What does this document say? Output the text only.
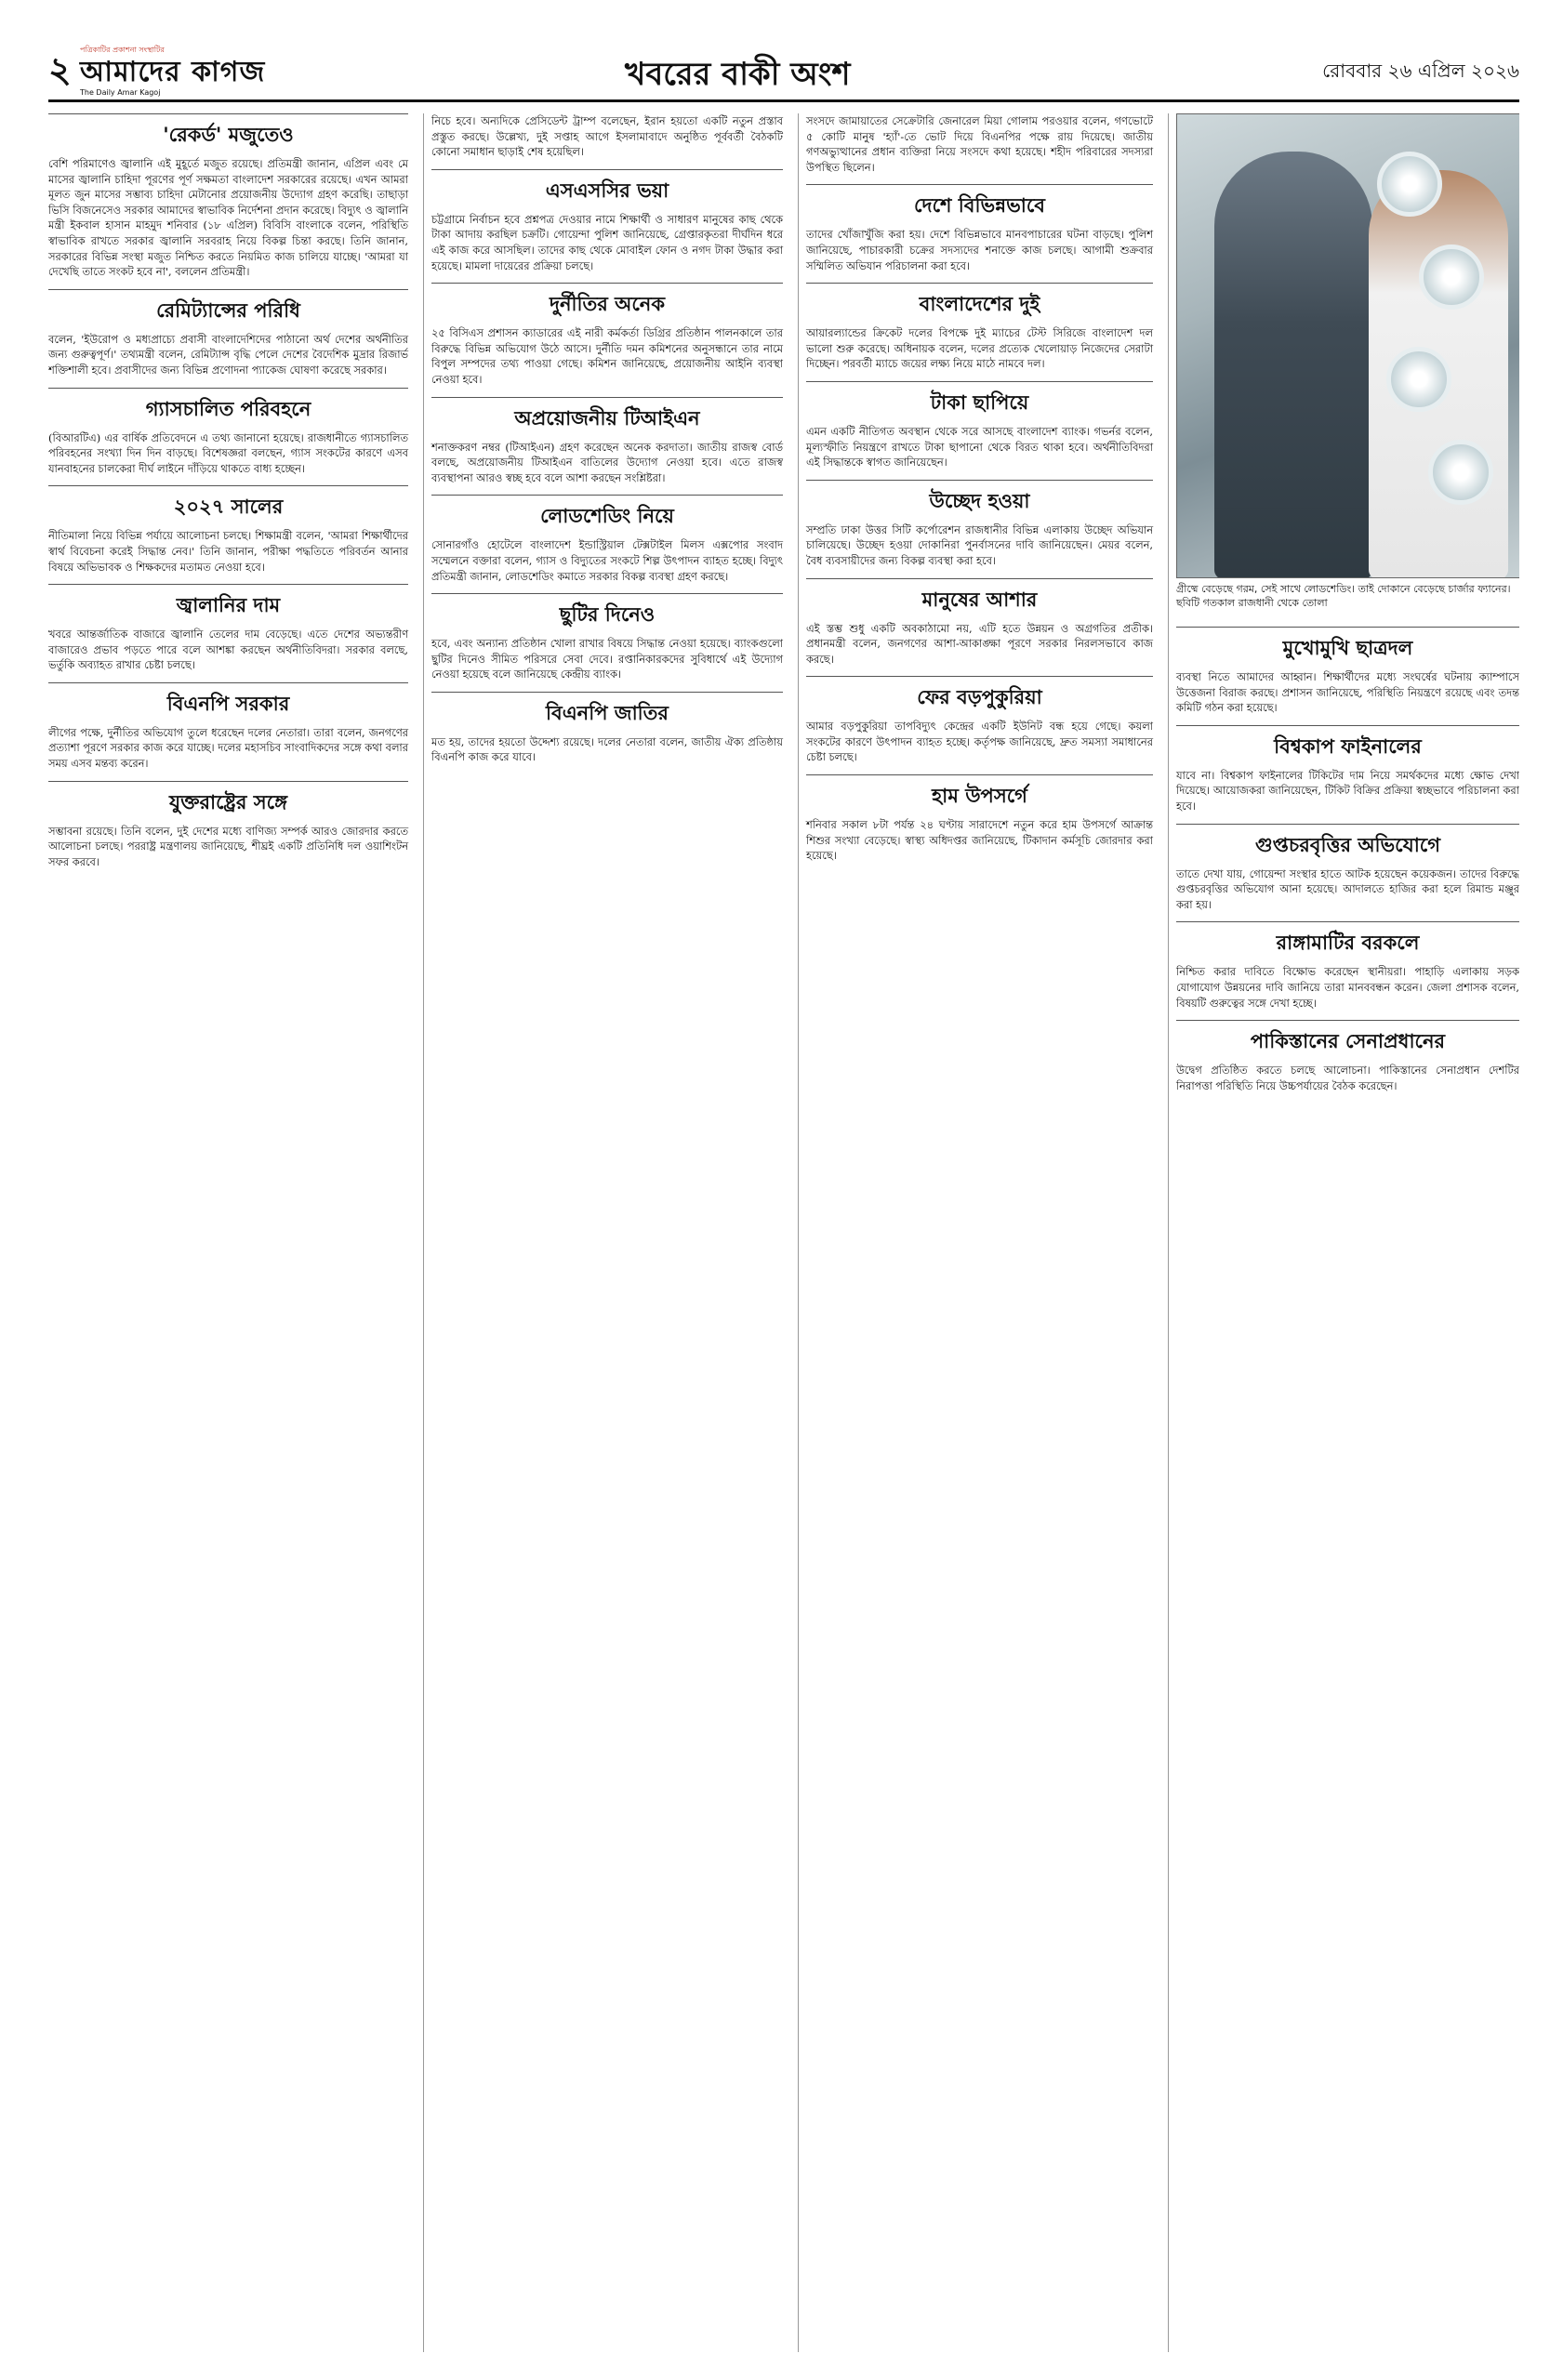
২ পত্রিকাটির প্রকাশনা সংস্থাটির
আমাদের কাগজ
The Daily Amar Kagoj	খবরের বাকী অংশ	রোববার ২৬ এপ্রিল ২০২৬
'রেকর্ড' মজুতেও
বেশি পরিমাণেও জ্বালানি এই মুহূর্তে মজুত রয়েছে। প্রতিমন্ত্রী জানান, এপ্রিল এবং মে মাসের জ্বালানি চাহিদা পূরণের পূর্ণ সক্ষমতা বাংলাদেশ সরকারের রয়েছে। এখন আমরা মূলত জুন মাসের সম্ভাব্য চাহিদা মেটানোর প্রয়োজনীয় উদ্যোগ গ্রহণ করেছি। তাছাড়া ভিসি বিজনেসেও সরকার আমাদের স্বাভাবিক নির্দেশনা প্রদান করেছে। বিদ্যুৎ ও জ্বালানি মন্ত্রী ইকবাল হাসান মাহমুদ শনিবার (১৮ এপ্রিল) বিবিসি বাংলাকে বলেন, পরিস্থিতি স্বাভাবিক রাখতে সরকার জ্বালানি সরবরাহ নিয়ে বিকল্প চিন্তা করছে। তিনি জানান, সরকারের বিভিন্ন সংস্থা মজুত নিশ্চিত করতে নিয়মিত কাজ চালিয়ে যাচ্ছে। 'আমরা যা দেখেছি তাতে সংকট হবে না', বললেন প্রতিমন্ত্রী।
রেমিট্যান্সের পরিধি
বলেন, 'ইউরোপ ও মধ্যপ্রাচ্যে প্রবাসী বাংলাদেশিদের পাঠানো অর্থ দেশের অর্থনীতির জন্য গুরুত্বপূর্ণ।' তথ্যমন্ত্রী বলেন, রেমিট্যান্স বৃদ্ধি পেলে দেশের বৈদেশিক মুদ্রার রিজার্ভ শক্তিশালী হবে। প্রবাসীদের জন্য বিভিন্ন প্রণোদনা প্যাকেজ ঘোষণা করেছে সরকার।
গ্যাসচালিত পরিবহনে
(বিআরটিএ) এর বার্ষিক প্রতিবেদনে এ তথ্য জানানো হয়েছে। রাজধানীতে গ্যাসচালিত পরিবহনের সংখ্যা দিন দিন বাড়ছে। বিশেষজ্ঞরা বলছেন, গ্যাস সংকটের কারণে এসব যানবাহনের চালকেরা দীর্ঘ লাইনে দাঁড়িয়ে থাকতে বাধ্য হচ্ছেন।
২০২৭ সালের
নীতিমালা নিয়ে বিভিন্ন পর্যায়ে আলোচনা চলছে। শিক্ষামন্ত্রী বলেন, 'আমরা শিক্ষার্থীদের স্বার্থ বিবেচনা করেই সিদ্ধান্ত নেব।' তিনি জানান, পরীক্ষা পদ্ধতিতে পরিবর্তন আনার বিষয়ে অভিভাবক ও শিক্ষকদের মতামত নেওয়া হবে।
জ্বালানির দাম
খবরে আন্তর্জাতিক বাজারে জ্বালানি তেলের দাম বেড়েছে। এতে দেশের অভ্যন্তরীণ বাজারেও প্রভাব পড়তে পারে বলে আশঙ্কা করছেন অর্থনীতিবিদরা। সরকার বলছে, ভর্তুকি অব্যাহত রাখার চেষ্টা চলছে।
বিএনপি সরকার
লীগের পক্ষে, দুর্নীতির অভিযোগ তুলে ধরেছেন দলের নেতারা। তারা বলেন, জনগণের প্রত্যাশা পূরণে সরকার কাজ করে যাচ্ছে। দলের মহাসচিব সাংবাদিকদের সঙ্গে কথা বলার সময় এসব মন্তব্য করেন।
যুক্তরাষ্ট্রের সঙ্গে
সম্ভাবনা রয়েছে। তিনি বলেন, দুই দেশের মধ্যে বাণিজ্য সম্পর্ক আরও জোরদার করতে আলোচনা চলছে। পররাষ্ট্র মন্ত্রণালয় জানিয়েছে, শীঘ্রই একটি প্রতিনিধি দল ওয়াশিংটন সফর করবে।
নিচে হবে। অন্যদিকে প্রেসিডেন্ট ট্রাম্প বলেছেন, ইরান হয়তো একটি নতুন প্রস্তাব প্রস্তুত করছে। উল্লেখ্য, দুই সপ্তাহ আগে ইসলামাবাদে অনুষ্ঠিত পূর্ববর্তী বৈঠকটি কোনো সমাধান ছাড়াই শেষ হয়েছিল।
এসএসসির ভয়া
চট্টগ্রামে নির্বাচন হবে প্রশ্নপত্র দেওয়ার নামে শিক্ষার্থী ও সাধারণ মানুষের কাছ থেকে টাকা আদায় করছিল চক্রটি। গোয়েন্দা পুলিশ জানিয়েছে, গ্রেপ্তারকৃতরা দীর্ঘদিন ধরে এই কাজ করে আসছিল। তাদের কাছ থেকে মোবাইল ফোন ও নগদ টাকা উদ্ধার করা হয়েছে। মামলা দায়েরের প্রক্রিয়া চলছে।
দুর্নীতির অনেক
২৫ বিসিএস প্রশাসন ক্যাডারের এই নারী কর্মকর্তা ডিগ্রির প্রতিষ্ঠান পালনকালে তার বিরুদ্ধে বিভিন্ন অভিযোগ উঠে আসে। দুর্নীতি দমন কমিশনের অনুসন্ধানে তার নামে বিপুল সম্পদের তথ্য পাওয়া গেছে। কমিশন জানিয়েছে, প্রয়োজনীয় আইনি ব্যবস্থা নেওয়া হবে।
অপ্রয়োজনীয় টিআইএন
শনাক্তকরণ নম্বর (টিআইএন) গ্রহণ করেছেন অনেক করদাতা। জাতীয় রাজস্ব বোর্ড বলছে, অপ্রয়োজনীয় টিআইএন বাতিলের উদ্যোগ নেওয়া হবে। এতে রাজস্ব ব্যবস্থাপনা আরও স্বচ্ছ হবে বলে আশা করছেন সংশ্লিষ্টরা।
লোডশেডিং নিয়ে
সোনারগাঁও হোটেলে বাংলাদেশ ইন্ডাস্ট্রিয়াল টেক্সটাইল মিলস এক্সপোর সংবাদ সম্মেলনে বক্তারা বলেন, গ্যাস ও বিদ্যুতের সংকটে শিল্প উৎপাদন ব্যাহত হচ্ছে। বিদ্যুৎ প্রতিমন্ত্রী জানান, লোডশেডিং কমাতে সরকার বিকল্প ব্যবস্থা গ্রহণ করছে।
ছুটির দিনেও
হবে, এবং অন্যান্য প্রতিষ্ঠান খোলা রাখার বিষয়ে সিদ্ধান্ত নেওয়া হয়েছে। ব্যাংকগুলো ছুটির দিনেও সীমিত পরিসরে সেবা দেবে। রপ্তানিকারকদের সুবিধার্থে এই উদ্যোগ নেওয়া হয়েছে বলে জানিয়েছে কেন্দ্রীয় ব্যাংক।
বিএনপি জাতির
মত হয়, তাদের হয়তো উদ্দেশ্য রয়েছে। দলের নেতারা বলেন, জাতীয় ঐক্য প্রতিষ্ঠায় বিএনপি কাজ করে যাবে।
সংসদে জামায়াতের সেক্রেটারি জেনারেল মিয়া গোলাম পরওয়ার বলেন, গণভোটে ৫ কোটি মানুষ 'হ্যাঁ'-তে ভোট দিয়ে বিএনপির পক্ষে রায় দিয়েছে। জাতীয় গণঅভ্যুত্থানের প্রধান ব্যক্তিরা নিয়ে সংসদে কথা হয়েছে। শহীদ পরিবারের সদস্যরা উপস্থিত ছিলেন।
দেশে বিভিন্নভাবে
তাদের খোঁজাখুঁজি করা হয়। দেশে বিভিন্নভাবে মানবপাচারের ঘটনা বাড়ছে। পুলিশ জানিয়েছে, পাচারকারী চক্রের সদস্যদের শনাক্তে কাজ চলছে। আগামী শুক্রবার সম্মিলিত অভিযান পরিচালনা করা হবে।
বাংলাদেশের দুই
আয়ারল্যান্ডের ক্রিকেট দলের বিপক্ষে দুই ম্যাচের টেস্ট সিরিজে বাংলাদেশ দল ভালো শুরু করেছে। অধিনায়ক বলেন, দলের প্রত্যেক খেলোয়াড় নিজেদের সেরাটা দিচ্ছেন। পরবর্তী ম্যাচে জয়ের লক্ষ্য নিয়ে মাঠে নামবে দল।
টাকা ছাপিয়ে
এমন একটি নীতিগত অবস্থান থেকে সরে আসছে বাংলাদেশ ব্যাংক। গভর্নর বলেন, মূল্যস্ফীতি নিয়ন্ত্রণে রাখতে টাকা ছাপানো থেকে বিরত থাকা হবে। অর্থনীতিবিদরা এই সিদ্ধান্তকে স্বাগত জানিয়েছেন।
উচ্ছেদ হওয়া
সম্প্রতি ঢাকা উত্তর সিটি কর্পোরেশন রাজধানীর বিভিন্ন এলাকায় উচ্ছেদ অভিযান চালিয়েছে। উচ্ছেদ হওয়া দোকানিরা পুনর্বাসনের দাবি জানিয়েছেন। মেয়র বলেন, বৈধ ব্যবসায়ীদের জন্য বিকল্প ব্যবস্থা করা হবে।
মানুষের আশার
এই স্তম্ভ শুধু একটি অবকাঠামো নয়, এটি হতে উন্নয়ন ও অগ্রগতির প্রতীক। প্রধানমন্ত্রী বলেন, জনগণের আশা-আকাঙ্ক্ষা পূরণে সরকার নিরলসভাবে কাজ করছে।
ফের বড়পুকুরিয়া
আমার বড়পুকুরিয়া তাপবিদ্যুৎ কেন্দ্রের একটি ইউনিট বন্ধ হয়ে গেছে। কয়লা সংকটের কারণে উৎপাদন ব্যাহত হচ্ছে। কর্তৃপক্ষ জানিয়েছে, দ্রুত সমস্যা সমাধানের চেষ্টা চলছে।
হাম উপসর্গে
শনিবার সকাল ৮টা পর্যন্ত ২৪ ঘণ্টায় সারাদেশে নতুন করে হাম উপসর্গে আক্রান্ত শিশুর সংখ্যা বেড়েছে। স্বাস্থ্য অধিদপ্তর জানিয়েছে, টিকাদান কর্মসূচি জোরদার করা হয়েছে।
গ্রীষ্মে বেড়েছে গরম, সেই সাথে লোডশেডিং। তাই দোকানে বেড়েছে চার্জার ফ্যানের। ছবিটি গতকাল রাজধানী থেকে তোলা
মুখোমুখি ছাত্রদল
ব্যবস্থা নিতে আমাদের আহ্বান। শিক্ষার্থীদের মধ্যে সংঘর্ষের ঘটনায় ক্যাম্পাসে উত্তেজনা বিরাজ করছে। প্রশাসন জানিয়েছে, পরিস্থিতি নিয়ন্ত্রণে রয়েছে এবং তদন্ত কমিটি গঠন করা হয়েছে।
বিশ্বকাপ ফাইনালের
যাবে না। বিশ্বকাপ ফাইনালের টিকিটের দাম নিয়ে সমর্থকদের মধ্যে ক্ষোভ দেখা দিয়েছে। আয়োজকরা জানিয়েছেন, টিকিট বিক্রির প্রক্রিয়া স্বচ্ছভাবে পরিচালনা করা হবে।
গুপ্তচরবৃত্তির অভিযোগে
তাতে দেখা যায়, গোয়েন্দা সংস্থার হাতে আটক হয়েছেন কয়েকজন। তাদের বিরুদ্ধে গুপ্তচরবৃত্তির অভিযোগ আনা হয়েছে। আদালতে হাজির করা হলে রিমান্ড মঞ্জুর করা হয়।
রাঙ্গামাটির বরকলে
নিশ্চিত করার দাবিতে বিক্ষোভ করেছেন স্থানীয়রা। পাহাড়ি এলাকায় সড়ক যোগাযোগ উন্নয়নের দাবি জানিয়ে তারা মানববন্ধন করেন। জেলা প্রশাসক বলেন, বিষয়টি গুরুত্বের সঙ্গে দেখা হচ্ছে।
পাকিস্তানের সেনাপ্রধানের
উদ্বেগ প্রতিষ্ঠিত করতে চলছে আলোচনা। পাকিস্তানের সেনাপ্রধান দেশটির নিরাপত্তা পরিস্থিতি নিয়ে উচ্চপর্যায়ের বৈঠক করেছেন।
